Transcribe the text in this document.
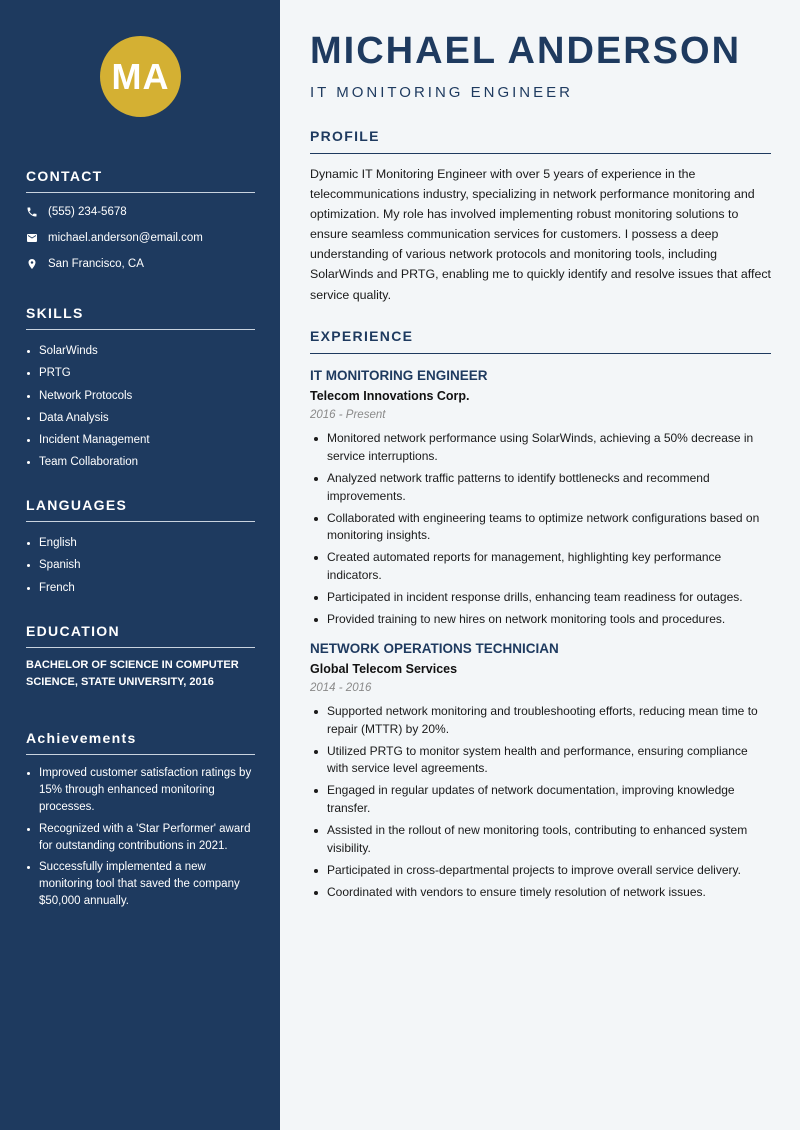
MA
CONTACT
(555) 234-5678
michael.anderson@email.com
San Francisco, CA
SKILLS
SolarWinds
PRTG
Network Protocols
Data Analysis
Incident Management
Team Collaboration
LANGUAGES
English
Spanish
French
EDUCATION
BACHELOR OF SCIENCE IN COMPUTER SCIENCE, STATE UNIVERSITY, 2016
Achievements
Improved customer satisfaction ratings by 15% through enhanced monitoring processes.
Recognized with a 'Star Performer' award for outstanding contributions in 2021.
Successfully implemented a new monitoring tool that saved the company $50,000 annually.
MICHAEL ANDERSON
IT MONITORING ENGINEER
PROFILE
Dynamic IT Monitoring Engineer with over 5 years of experience in the telecommunications industry, specializing in network performance monitoring and optimization. My role has involved implementing robust monitoring solutions to ensure seamless communication services for customers. I possess a deep understanding of various network protocols and monitoring tools, including SolarWinds and PRTG, enabling me to quickly identify and resolve issues that affect service quality.
EXPERIENCE
IT MONITORING ENGINEER
Telecom Innovations Corp.
2016 - Present
Monitored network performance using SolarWinds, achieving a 50% decrease in service interruptions.
Analyzed network traffic patterns to identify bottlenecks and recommend improvements.
Collaborated with engineering teams to optimize network configurations based on monitoring insights.
Created automated reports for management, highlighting key performance indicators.
Participated in incident response drills, enhancing team readiness for outages.
Provided training to new hires on network monitoring tools and procedures.
NETWORK OPERATIONS TECHNICIAN
Global Telecom Services
2014 - 2016
Supported network monitoring and troubleshooting efforts, reducing mean time to repair (MTTR) by 20%.
Utilized PRTG to monitor system health and performance, ensuring compliance with service level agreements.
Engaged in regular updates of network documentation, improving knowledge transfer.
Assisted in the rollout of new monitoring tools, contributing to enhanced system visibility.
Participated in cross-departmental projects to improve overall service delivery.
Coordinated with vendors to ensure timely resolution of network issues.
